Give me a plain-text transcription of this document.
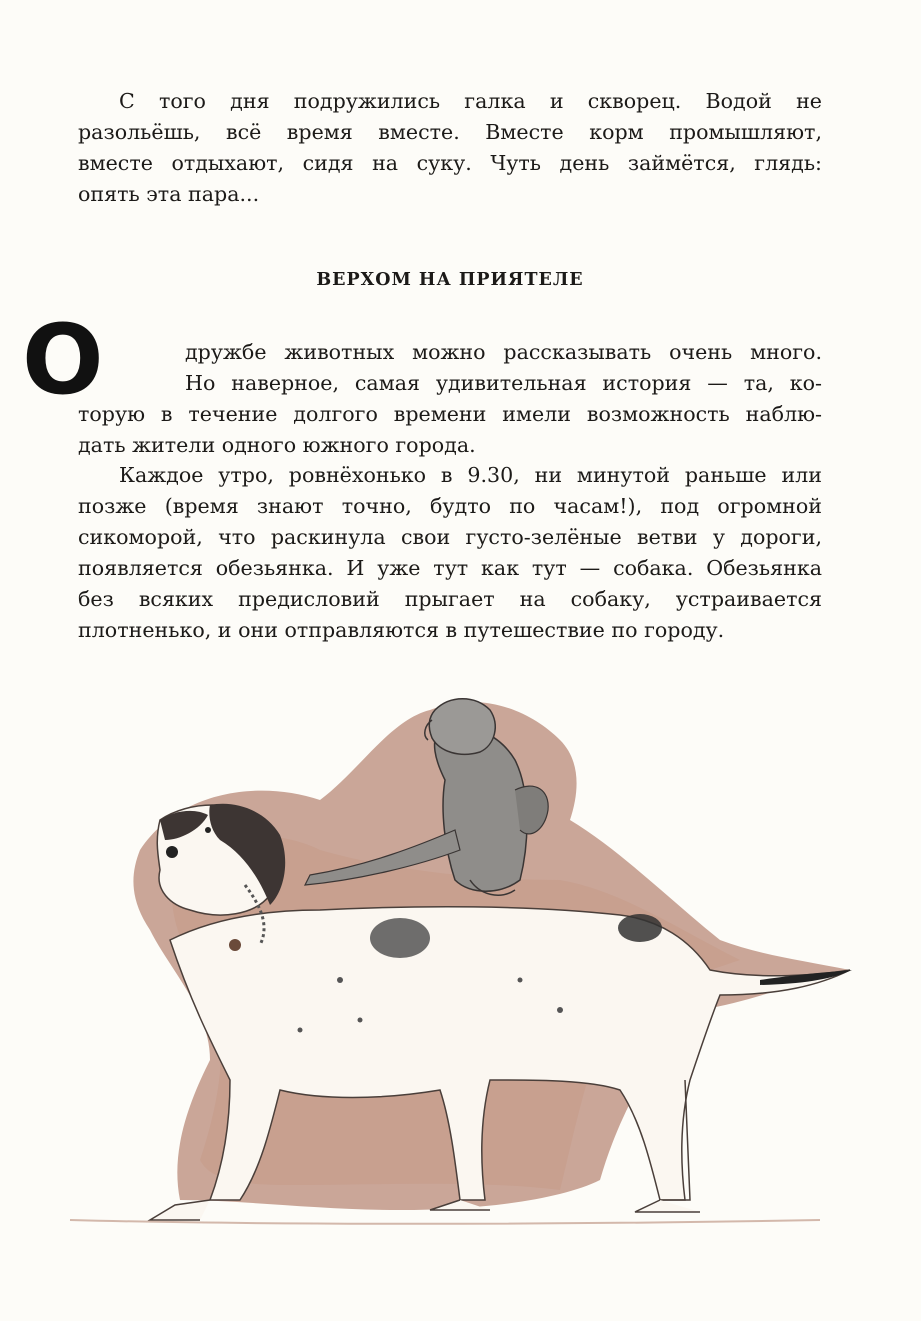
С того дня подружились галка и скворец. Водой не

разольёшь, всё время вместе. Вместе корм промышляют,

вместе отдыхают, сидя на суку. Чуть день займётся, глядь:

опять эта пара...

ВЕРХОМ НА ПРИЯТЕЛЕ

дружбе животных можно рассказывать очень много.

Но наверное, самая удивительная история — та, ко-

торую в течение долгого времени имели возможность наблю-

дать жители одного южного города.

Каждое утро, ровнёхонько в 9.30, ни минутой раньше или

позже (время знают точно, будто по часам!), под огромной

сикоморой, что раскинула свои густо-зелёные ветви у дороги,

появляется обезьянка. И уже тут как тут — собака. Обезьянка

без всяких предисловий прыгает на собаку, устраивается

плотненько, и они отправляются в путешествие по городу.

О
